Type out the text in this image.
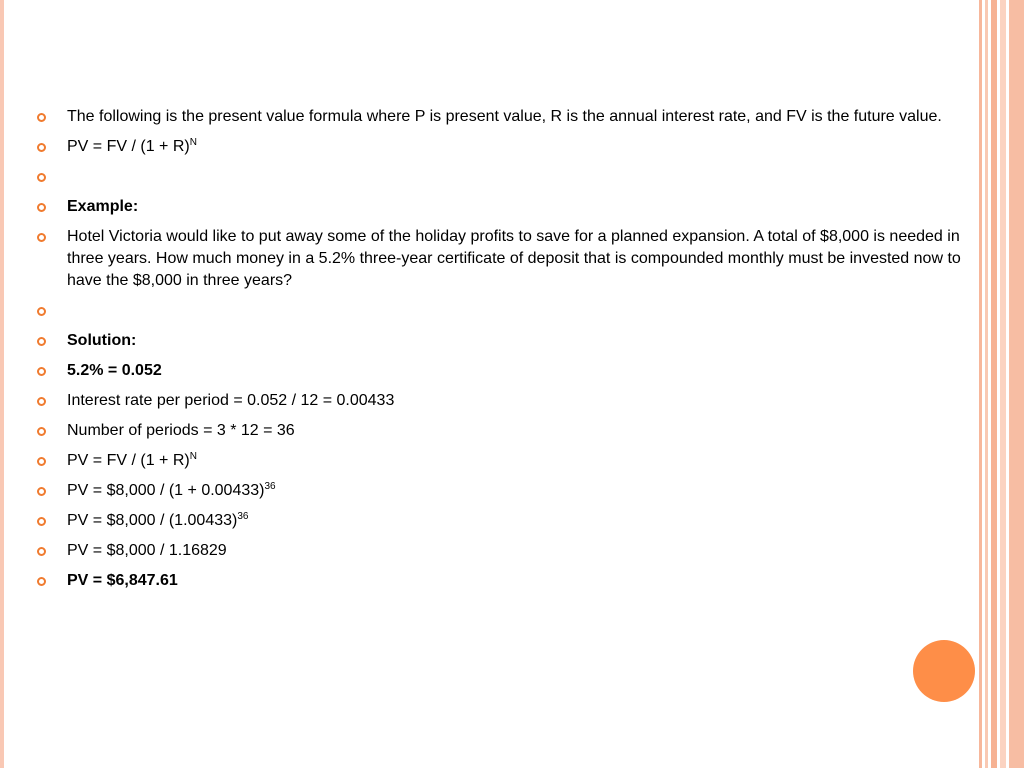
The following is the present value formula where P is present value, R is the annual interest rate, and FV is the future value.
PV = FV / $(1 + R)^N$
Example:
Hotel Victoria would like to put away some of the holiday profits to save for a planned expansion. A total of $8,000 is needed in three years. How much money in a 5.2% three-year certificate of deposit that is compounded monthly must be invested now to have the $8,000 in three years?
Solution:
5.2% = 0.052
Interest rate per period = 0.052 / 12 = 0.00433
Number of periods = 3 * 12 = 36
PV = FV / $(1 + R)^N$
PV = $8,000 / $(1 + 0.00433)^{36}$
PV = $8,000 / $(1.00433)^{36}$
PV = $8,000 / 1.16829
PV = $6,847.61
